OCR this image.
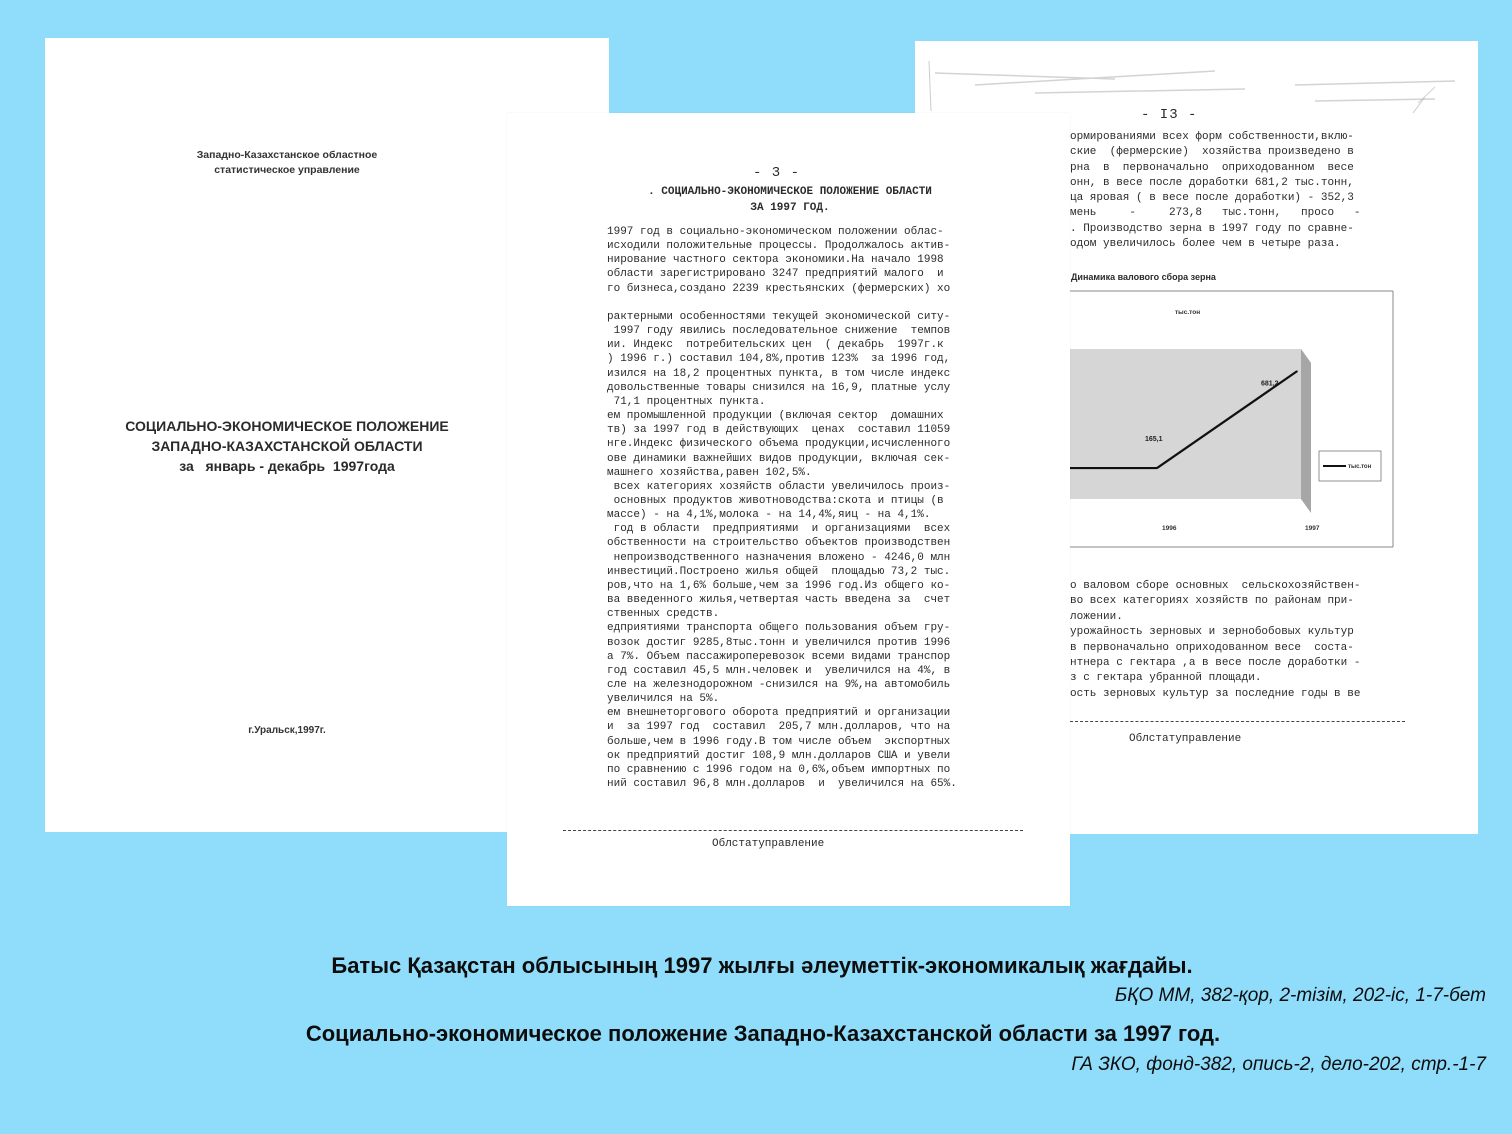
Западно-Казахстанское областное
статистическое управление
СОЦИАЛЬНО-ЭКОНОМИЧЕСКОЕ ПОЛОЖЕНИЕ
ЗАПАДНО-КАЗАХСТАНСКОЙ ОБЛАСТИ
за   январь - декабрь  1997года
г.Уральск,1997г.
- I3 -
ормированиями всех форм собственности,вклю-
ские  (фермерские)  хозяйства произведено в
рна  в  первоначально  оприходованном  весе
онн, в весе после доработки 681,2 тыс.тонн,
ца яровая ( в весе после доработки) - 352,3
мень     -     273,8   тыс.тонн,   просо   -
. Производство зерна в 1997 году по сравне-
одом увеличилось более чем в четыре раза.
Динамика валового сбора зерна
тыс.тон
тыс.тон
1996	1997
165,1
681,2
о валовом сборе основных  сельскохозяйствен-
во всех категориях хозяйств по районам при-
ложении.
урожайность зерновых и зернобобовых культур
в первоначально оприходованном весе  соста-
нтнера с гектара ,а в весе после доработки -
з с гектара убранной площади.
ость зерновых культур за последние годы в ве
Облстатуправление
- 3 -
. СОЦИАЛЬНО-ЭКОНОМИЧЕСКОЕ ПОЛОЖЕНИЕ ОБЛАСТИ
ЗА 1997 ГОД.
1997 год в социально-экономическом положении облас-
исходили положительные процессы. Продолжалось актив-
нирование частного сектора экономики.На начало 1998
области зарегистрировано 3247 предприятий малого  и
го бизнеса,создано 2239 крестьянских (фермерских) хо

рактерными особенностями текущей экономической ситу-
1997 году явились последовательное снижение  темпов
ии. Индекс  потребительских цен  ( декабрь  1997г.к
) 1996 г.) составил 104,8%,против 123%  за 1996 год,
изился на 18,2 процентных пункта, в том числе индекс
довольственные товары снизился на 16,9, платные услу
71,1 процентных пункта.
ем промышленной продукции (включая сектор  домашних
тв) за 1997 год в действующих  ценах  составил 11059
нге.Индекс физического объема продукции,исчисленного
ове динамики важнейших видов продукции, включая сек-
машнего хозяйства,равен 102,5%.
всех категориях хозяйств области увеличилось произ-
основных продуктов животноводства:скота и птицы (в
массе) - на 4,1%,молока - на 14,4%,яиц - на 4,1%.
год в области  предприятиями  и организациями  всех
обственности на строительство объектов производствен
непроизводственного назначения вложено - 4246,0 млн
инвестиций.Построено жилья общей  площадью 73,2 тыс.
ров,что на 1,6% больше,чем за 1996 год.Из общего ко-
ва введенного жилья,четвертая часть введена за  счет
ственных средств.
едприятиями транспорта общего пользования объем гру-
возок достиг 9285,8тыс.тонн и увеличился против 1996
а 7%. Объем пассажироперевозок всеми видами транспор
год составил 45,5 млн.человек и  увеличился на 4%, в
сле на железнодорожном -снизился на 9%,на автомобиль
увеличился на 5%.
ем внешнеторгового оборота предприятий и организации
и  за 1997 год  составил  205,7 млн.долларов, что на
больше,чем в 1996 году.В том числе объем  экспортных
ок предприятий достиг 108,9 млн.долларов США и увели
по сравнению с 1996 годом на 0,6%,объем импортных по
ний составил 96,8 млн.долларов  и  увеличился на 65%.
Облстатуправление
Батыс Қазақстан облысының 1997 жылғы әлеуметтік-экономикалық жағдайы.
БҚО ММ, 382-қор, 2-тізім, 202-іс, 1-7-бет
Социально-экономическое положение Западно-Казахстанской области за 1997 год.
ГА ЗКО, фонд-382, опись-2, дело-202, стр.-1-7
